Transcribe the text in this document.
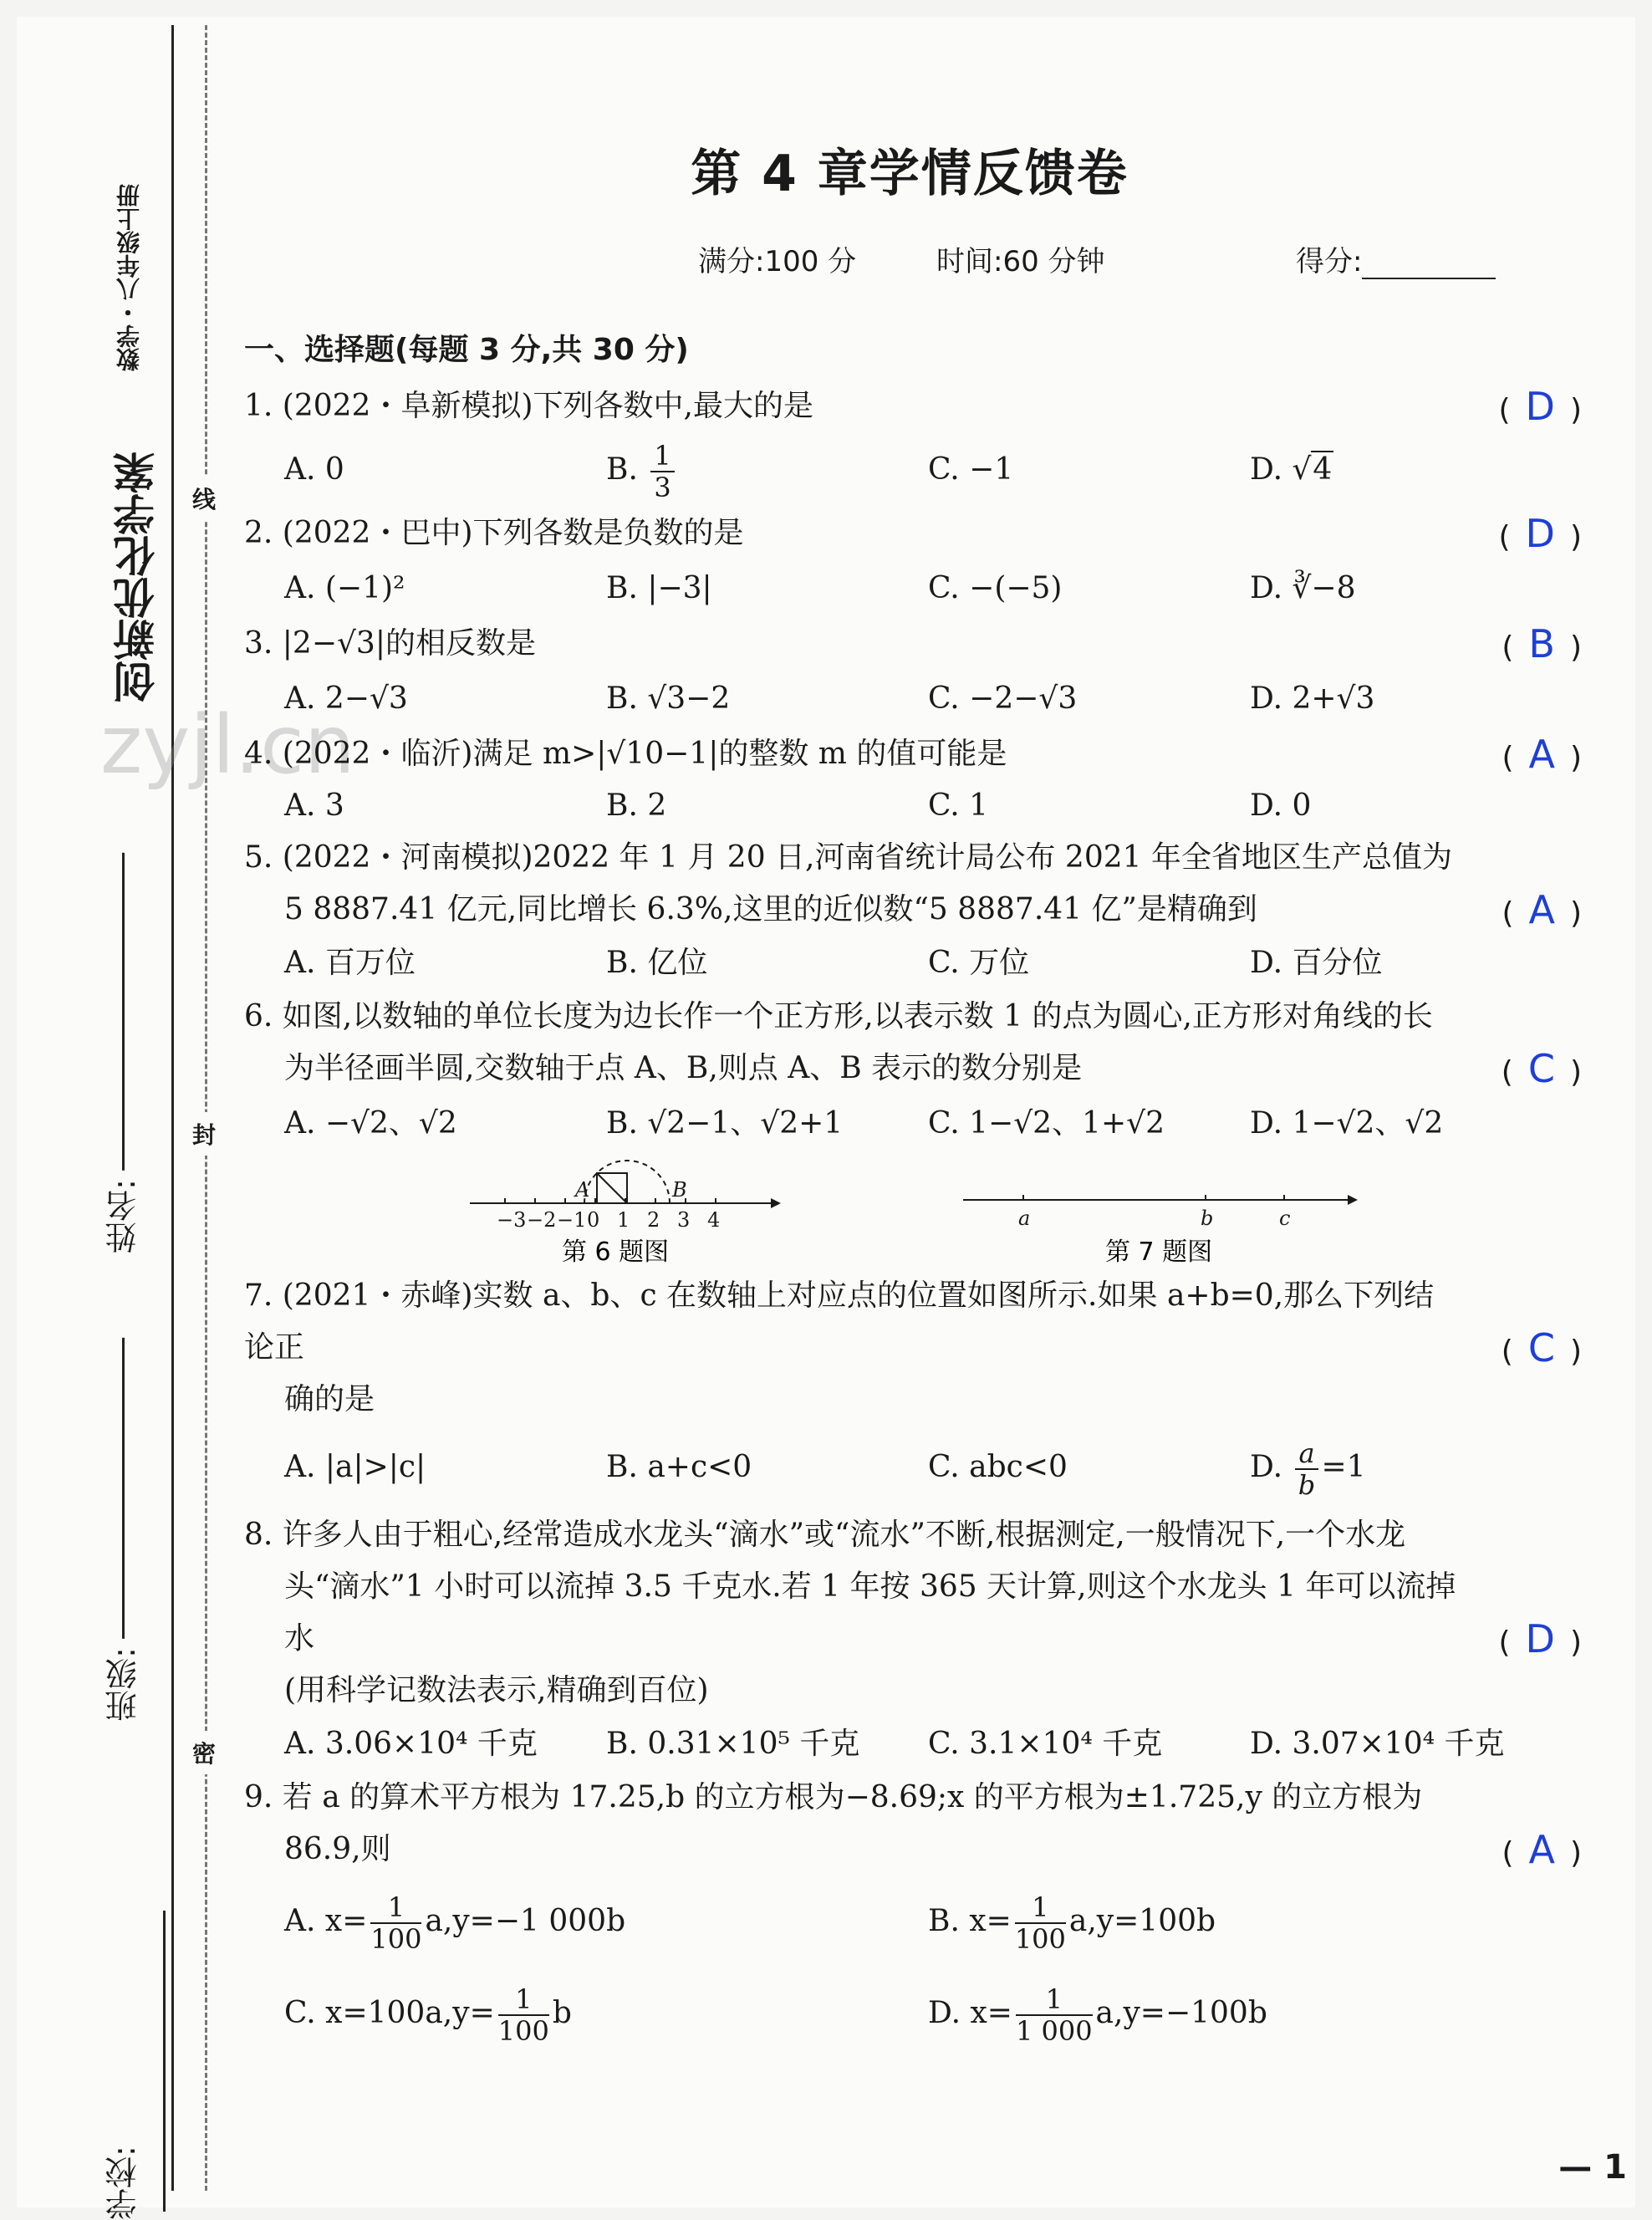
创新优化学案
数学・八年级上册
zyjl.cn
线
封
密
姓名:
班级:
学校:
第 4 章学情反馈卷
满分:100 分	时间:60 分钟	得分:
一、选择题(每题 3 分,共 30 分)
1. (2022・阜新模拟)下列各数中,最大的是	( D )
A. 0	B. $\frac{1}{3}$	C. −1	D. √4
2. (2022・巴中)下列各数是负数的是	( D )
A. (−1)²	B. |−3|	C. −(−5)	D. ∛−8
3. |2−√3|的相反数是	( B )
A. 2−√3	B. √3−2	C. −2−√3	D. 2+√3
4. (2022・临沂)满足 m>|√10−1|的整数 m 的值可能是	( A )
A. 3	B. 2	C. 1	D. 0
5. (2022・河南模拟)2022 年 1 月 20 日,河南省统计局公布 2021 年全省地区生产总值为
5 8887.41 亿元,同比增长 6.3%,这里的近似数“5 8887.41 亿”是精确到	( A )
A. 百万位	B. 亿位	C. 万位	D. 百分位
6. 如图,以数轴的单位长度为边长作一个正方形,以表示数 1 的点为圆心,正方形对角线的长
为半径画半圆,交数轴于点 A、B,则点 A、B 表示的数分别是	( C )
A. −√2、√2	B. √2−1、√2+1	C. 1−√2、1+√2	D. 1−√2、√2
−3 −2 −1 0 1 2 3 4
A	B
第 6 题图
a	b	c
第 7 题图
7. (2021・赤峰)实数 a、b、c 在数轴上对应点的位置如图所示.如果 a+b=0,那么下列结论正
确的是
( C )
A. |a|>|c|	B. a+c<0	C. abc<0	D. $\frac{a}{b} =1$
8. 许多人由于粗心,经常造成水龙头“滴水”或“流水”不断,根据测定,一般情况下,一个水龙
头“滴水”1 小时可以流掉 3.5 千克水.若 1 年按 365 天计算,则这个水龙头 1 年可以流掉水
(用科学记数法表示,精确到百位)
( D )
A. 3.06×10⁴ 千克	B. 0.31×10⁵ 千克	C. 3.1×10⁴ 千克	D. 3.07×10⁴ 千克
9. 若 a 的算术平方根为 17.25,b 的立方根为−8.69;x 的平方根为±1.725,y 的立方根为
86.9,则	( A )
A. $x= \frac{1}{100} a,y=-1$ 000b	B. $x= \frac{1}{100} a,y=100b$
C. $x=100a,y= \frac{1}{100}$ b	D. $x= \frac{1}{1 000} a,y=-100b$
— 1
